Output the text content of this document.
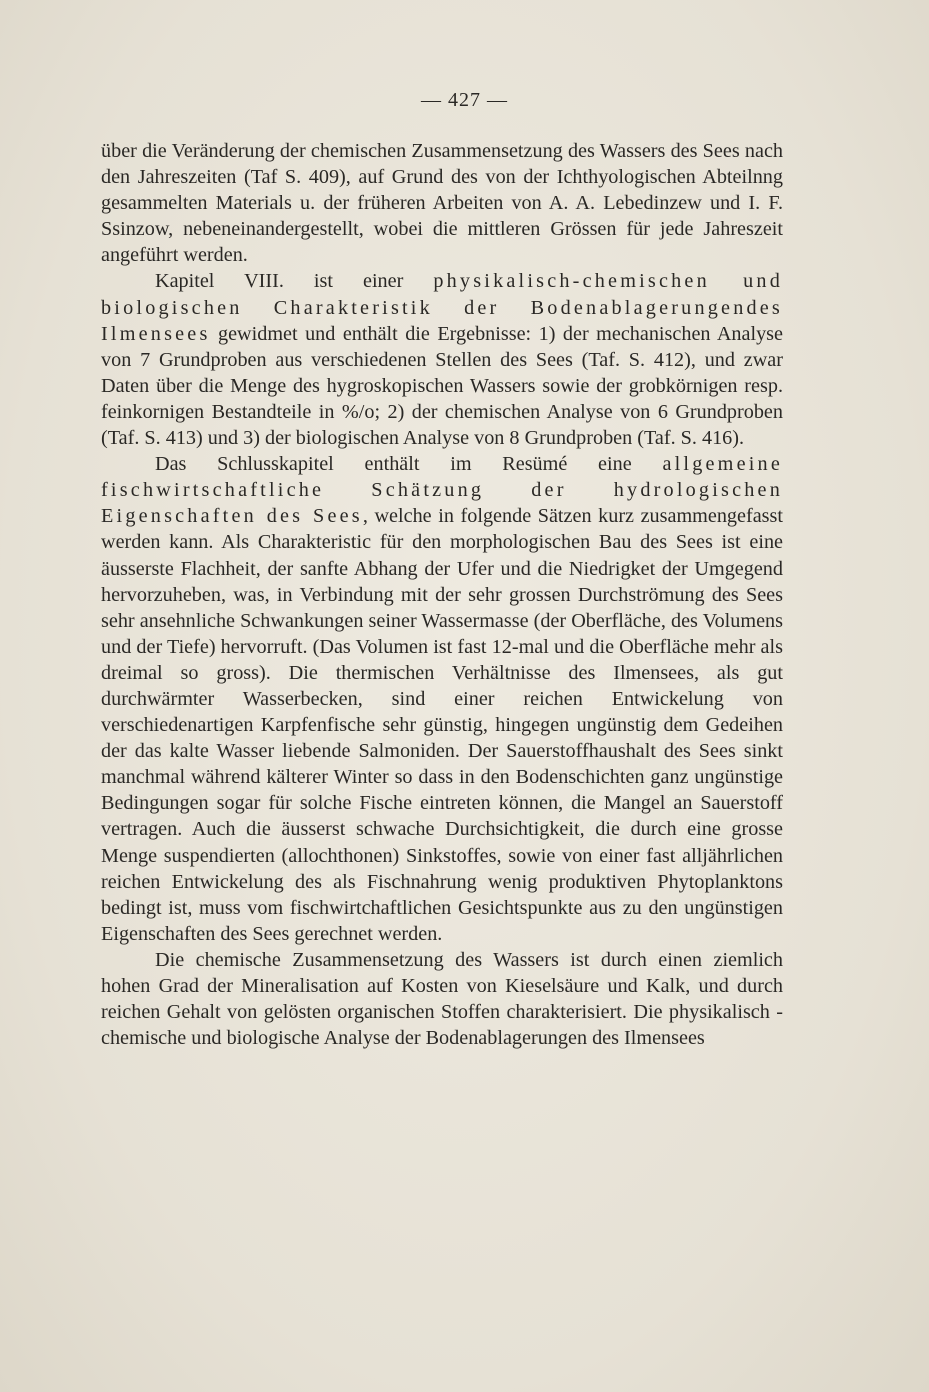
— 427 —

über die Veränderung der chemischen Zusammensetzung des Wassers des Sees nach den Jahreszeiten (Taf S. 409), auf Grund des von der Ichthyologischen Abteilnng gesammelten Materials u. der früheren Arbeiten von A. A. Lebedinzew und I. F. Ssinzow, nebeneinandergestellt, wobei die mittleren Grössen für jede Jahreszeit angeführt werden.

Kapitel VIII. ist einer physikalisch-chemischen und biologischen Charakteristik der Bodenablagerungendes Ilmensees gewidmet und enthält die Ergebnisse: 1) der mechanischen Analyse von 7 Grundproben aus verschiedenen Stellen des Sees (Taf. S. 412), und zwar Daten über die Menge des hygroskopischen Wassers sowie der grobkörnigen resp. feinkornigen Bestandteile in %/o; 2) der chemischen Analyse von 6 Grundproben (Taf. S. 413) und 3) der biologischen Analyse von 8 Grundproben (Taf. S. 416).

Das Schlusskapitel enthält im Resümé eine allgemeine fischwirtschaftliche Schätzung der hydrologischen Eigenschaften des Sees, welche in folgende Sätzen kurz zusammengefasst werden kann. Als Charakteristic für den morphologischen Bau des Sees ist eine äusserste Flachheit, der sanfte Abhang der Ufer und die Niedrigket der Umgegend hervorzuheben, was, in Verbindung mit der sehr grossen Durchströmung des Sees sehr ansehnliche Schwankungen seiner Wassermasse (der Oberfläche, des Volumens und der Tiefe) hervorruft. (Das Volumen ist fast 12-mal und die Oberfläche mehr als dreimal so gross). Die thermischen Verhältnisse des Ilmensees, als gut durchwärmter Wasserbecken, sind einer reichen Entwickelung von verschiedenartigen Karpfenfische sehr günstig, hingegen ungünstig dem Gedeihen der das kalte Wasser liebende Salmoniden. Der Sauerstoffhaushalt des Sees sinkt manchmal während kälterer Winter so dass in den Bodenschichten ganz ungünstige Bedingungen sogar für solche Fische eintreten können, die Mangel an Sauerstoff vertragen. Auch die äusserst schwache Durchsichtigkeit, die durch eine grosse Menge suspendierten (allochthonen) Sinkstoffes, sowie von einer fast alljährlichen reichen Entwickelung des als Fischnahrung wenig produktiven Phytoplanktons bedingt ist, muss vom fischwirtchaftlichen Gesichtspunkte aus zu den ungünstigen Eigenschaften des Sees gerechnet werden.

Die chemische Zusammensetzung des Wassers ist durch einen ziemlich hohen Grad der Mineralisation auf Kosten von Kieselsäure und Kalk, und durch reichen Gehalt von gelösten organischen Stoffen charakterisiert. Die physikalisch - chemische und biologische Analyse der Bodenablagerungen des Ilmensees
